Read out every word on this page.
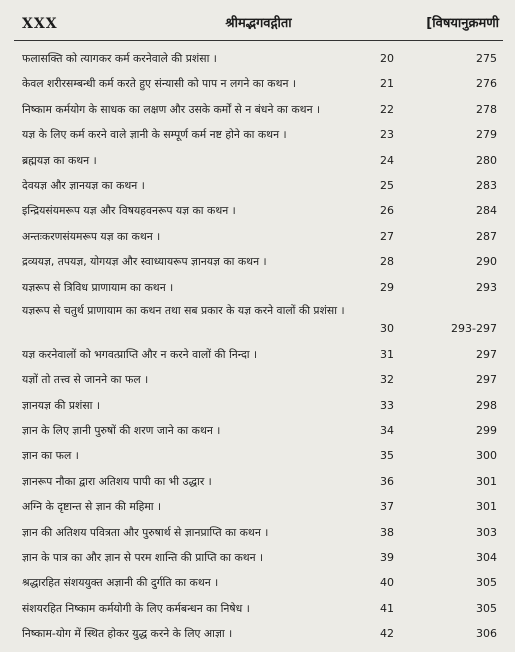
XXX	श्रीमद्भगवद्गीता	[विषयानुक्रमणी
फलासक्ति को त्यागकर कर्म करनेवाले की प्रशंसा ।	20	275
केवल शरीरसम्बन्धी कर्म करते हुए संन्यासी को पाप न लगने का कथन ।	21	276
निष्काम कर्मयोग के साधक का लक्षण और उसके कर्मों से न बंधने का कथन ।	22	278
यज्ञ के लिए कर्म करने वाले ज्ञानी के सम्पूर्ण कर्म नष्ट होने का कथन ।	23	279
ब्रह्मयज्ञ का कथन ।	24	280
देवयज्ञ और ज्ञानयज्ञ का कथन ।	25	283
इन्द्रियसंयमरूप यज्ञ और विषयहवनरूप यज्ञ का कथन ।	26	284
अन्तःकरणसंयमरूप यज्ञ का कथन ।	27	287
द्रव्ययज्ञ, तपयज्ञ, योगयज्ञ और स्वाध्यायरूप ज्ञानयज्ञ का कथन ।	28	290
यज्ञरूप से त्रिविध प्राणायाम का कथन ।	29	293
यज्ञरूप से चतुर्थ प्राणायाम का कथन तथा सब प्रकार के यज्ञ करने वालों की प्रशंसा ।
30	293-297
यज्ञ करनेवालों को भगवत्प्राप्ति और न करने वालों की निन्दा ।	31	297
यज्ञों तो तत्त्व से जानने का फल ।	32	297
ज्ञानयज्ञ की प्रशंसा ।	33	298
ज्ञान के लिए ज्ञानी पुरुषों की शरण जाने का कथन ।	34	299
ज्ञान का फल ।	35	300
ज्ञानरूप नौका द्वारा अतिशय पापी का भी उद्धार ।	36	301
अग्नि के दृष्टान्त से ज्ञान की महिमा ।	37	301
ज्ञान की अतिशय पवित्रता और पुरुषार्थ से ज्ञानप्राप्ति का कथन ।	38	303
ज्ञान के पात्र का और ज्ञान से परम शान्ति की प्राप्ति का कथन ।	39	304
श्रद्धारहित संशययुक्त अज्ञानी की दुर्गति का कथन ।	40	305
संशयरहित निष्काम कर्मयोगी के लिए कर्मबन्धन का निषेध ।	41	305
निष्काम-योग में स्थित होकर युद्ध करने के लिए आज्ञा ।	42	306
